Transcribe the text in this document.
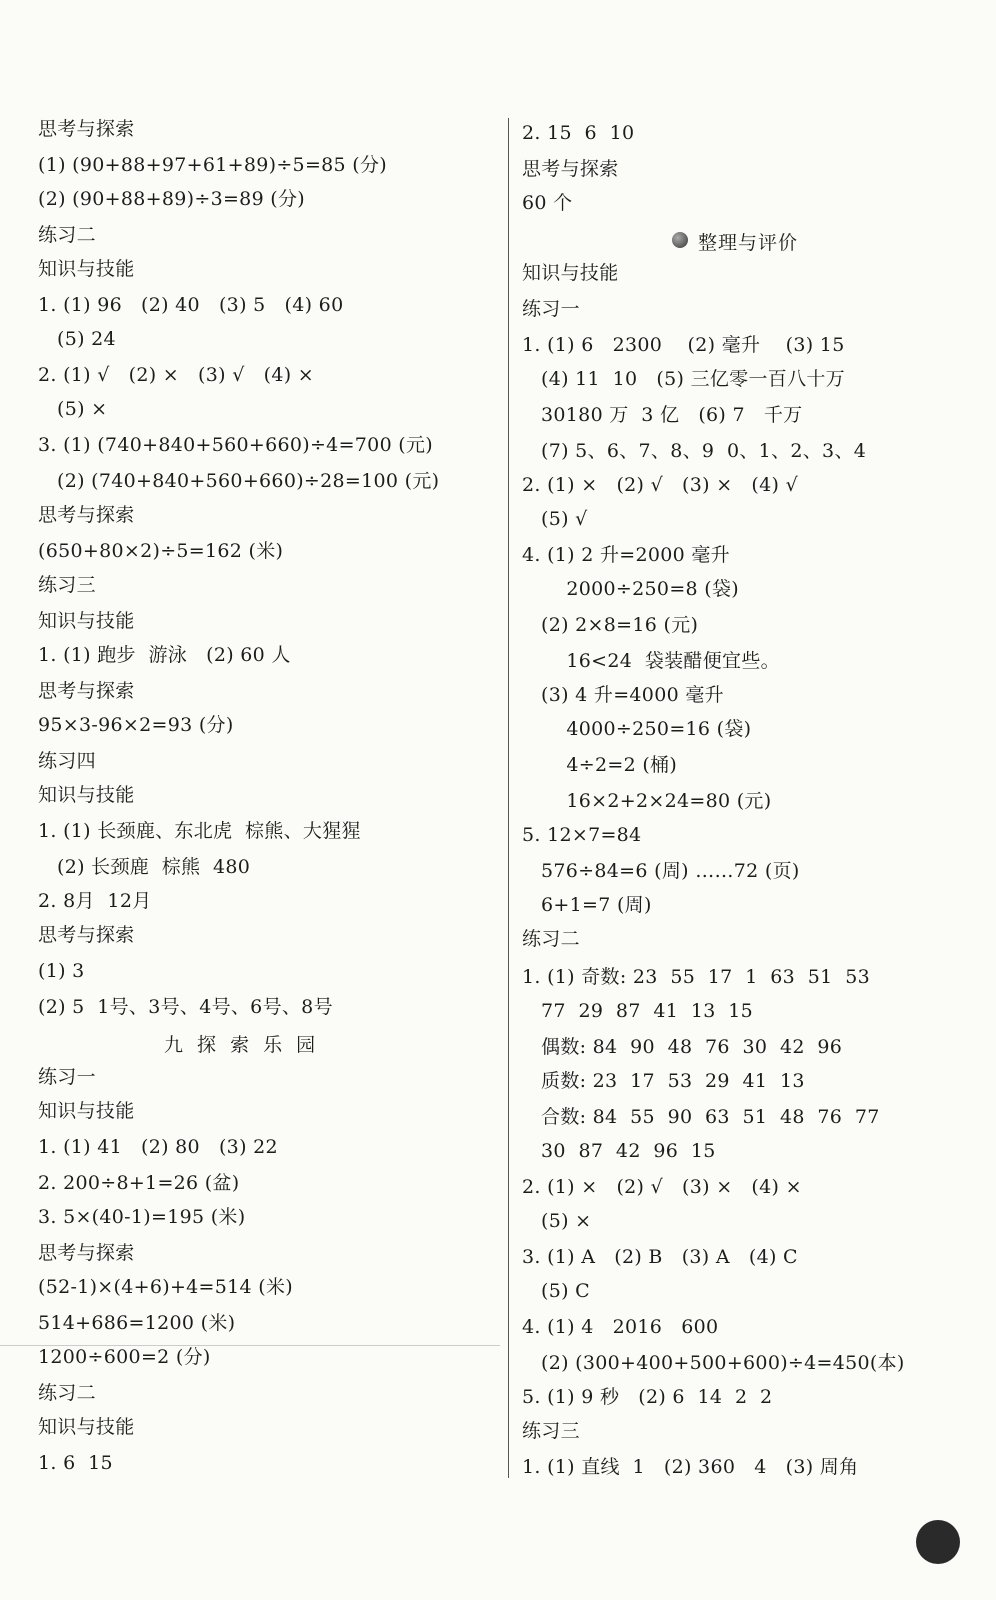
思考与探索
(1) (90+88+97+61+89)÷5=85 (分)
(2) (90+88+89)÷3=89 (分)
练习二
知识与技能
1. (1) 96   (2) 40   (3) 5   (4) 60
(5) 24
2. (1) √   (2) ×   (3) √   (4) ×
(5) ×
3. (1) (740+840+560+660)÷4=700 (元)
(2) (740+840+560+660)÷28=100 (元)
思考与探索
(650+80×2)÷5=162 (米)
练习三
知识与技能
1. (1) 跑步  游泳   (2) 60 人
思考与探索
95×3-96×2=93 (分)
练习四
知识与技能
1. (1) 长颈鹿、东北虎  棕熊、大猩猩
(2) 长颈鹿  棕熊  480
2. 8月  12月
思考与探索
(1) 3
(2) 5  1号、3号、4号、6号、8号
九 探 索 乐 园
练习一
知识与技能
1. (1) 41   (2) 80   (3) 22
2. 200÷8+1=26 (盆)
3. 5×(40-1)=195 (米)
思考与探索
(52-1)×(4+6)+4=514 (米)
514+686=1200 (米)
1200÷600=2 (分)
练习二
知识与技能
1. 6  15
2. 15  6  10
思考与探索
60 个
整理与评价
知识与技能
练习一
1. (1) 6   2300    (2) 毫升    (3) 15
(4) 11  10   (5) 三亿零一百八十万
30180 万  3 亿   (6) 7   千万
(7) 5、6、7、8、9  0、1、2、3、4
2. (1) ×   (2) √   (3) ×   (4) √
(5) √
4. (1) 2 升=2000 毫升
2000÷250=8 (袋)
(2) 2×8=16 (元)
16<24  袋装醋便宜些。
(3) 4 升=4000 毫升
4000÷250=16 (袋)
4÷2=2 (桶)
16×2+2×24=80 (元)
5. 12×7=84
576÷84=6 (周) ……72 (页)
6+1=7 (周)
练习二
1. (1) 奇数: 23  55  17  1  63  51  53
77  29  87  41  13  15
偶数: 84  90  48  76  30  42  96
质数: 23  17  53  29  41  13
合数: 84  55  90  63  51  48  76  77
30  87  42  96  15
2. (1) ×   (2) √   (3) ×   (4) ×
(5) ×
3. (1) A   (2) B   (3) A   (4) C
(5) C
4. (1) 4   2016   600
(2) (300+400+500+600)÷4=450(本)
5. (1) 9 秒   (2) 6  14  2  2
练习三
1. (1) 直线  1   (2) 360   4   (3) 周角
